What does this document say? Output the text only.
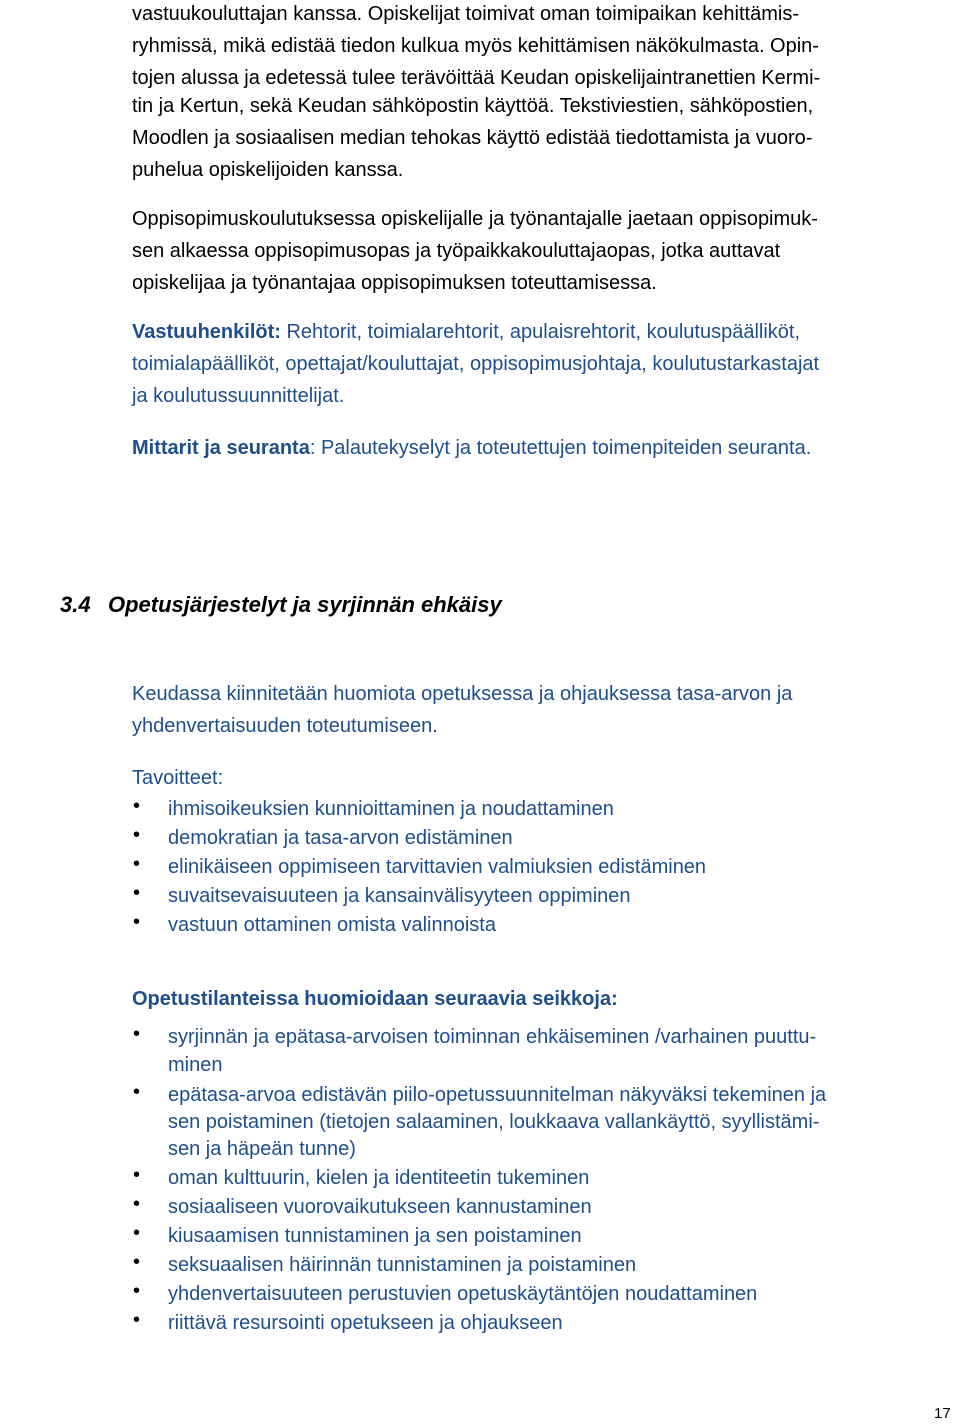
vastuukouluttajan kanssa. Opiskelijat toimivat oman toimipaikan kehittämis-
ryhmissä, mikä edistää tiedon kulkua myös kehittämisen näkökulmasta. Opin-
tojen alussa ja edetessä tulee terävöittää Keudan opiskelijaintranettien Kermi-
tin ja Kertun, sekä Keudan sähköpostin käyttöä. Tekstiviestien, sähköpostien,
Moodlen ja sosiaalisen median tehokas käyttö edistää tiedottamista ja vuoro-
puhelua opiskelijoiden kanssa.
Oppisopimuskoulutuksessa opiskelijalle ja työnantajalle jaetaan oppisopimuk-
sen alkaessa oppisopimusopas ja työpaikkakouluttajaopas, jotka auttavat
opiskelijaa ja työnantajaa oppisopimuksen toteuttamisessa.
Vastuuhenkilöt: Rehtorit, toimialarehtorit, apulaisrehtorit, koulutuspäälliköt,
toimialapäälliköt, opettajat/kouluttajat, oppisopimusjohtaja, koulutustarkastajat
ja koulutussuunnittelijat.
Mittarit ja seuranta: Palautekyselyt ja toteutettujen toimenpiteiden seuranta.
3.4 Opetusjärjestelyt ja syrjinnän ehkäisy
Keudassa kiinnitetään huomiota opetuksessa ja ohjauksessa tasa-arvon ja
yhdenvertaisuuden toteutumiseen.
Tavoitteet:
• ihmisoikeuksien kunnioittaminen ja noudattaminen
• demokratian ja tasa-arvon edistäminen
• elinikäiseen oppimiseen tarvittavien valmiuksien edistäminen
• suvaitsevaisuuteen ja kansainvälisyyteen oppiminen
• vastuun ottaminen omista valinnoista
Opetustilanteissa huomioidaan seuraavia seikkoja:
• syrjinnän ja epätasa-arvoisen toiminnan ehkäiseminen /varhainen puuttu-
minen
• epätasa-arvoa edistävän piilo-opetussuunnitelman näkyväksi tekeminen ja
sen poistaminen (tietojen salaaminen, loukkaava vallankäyttö, syyllistämi-
sen ja häpeän tunne)
• oman kulttuurin, kielen ja identiteetin tukeminen
• sosiaaliseen vuorovaikutukseen kannustaminen
• kiusaamisen tunnistaminen ja sen poistaminen
• seksuaalisen häirinnän tunnistaminen ja poistaminen
• yhdenvertaisuuteen perustuvien opetuskäytäntöjen noudattaminen
• riittävä resursointi opetukseen ja ohjaukseen
17
